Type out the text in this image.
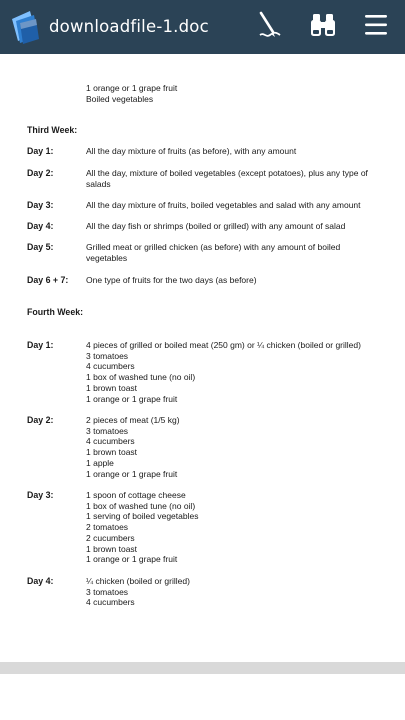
downloadfile-1.doc
1 orange or 1 grape fruit
Boiled vegetables
Third Week:
Day 1:	All the day mixture of fruits (as before), with any amount
Day 2:	All the day, mixture of boiled vegetables (except potatoes), plus any type of salads
Day 3:	All the day mixture of fruits, boiled vegetables and salad with any amount
Day 4:	All the day fish or shrimps (boiled or grilled) with any amount of salad
Day 5:	Grilled meat or grilled chicken (as before) with any amount of boiled vegetables
Day 6 + 7: One type of fruits for the two days (as before)
Fourth Week:
Day 1:	4 pieces of grilled or boiled meat (250 gm) or ¼ chicken (boiled or grilled)
3 tomatoes
4 cucumbers
1 box of washed tune (no oil)
1 brown toast
1 orange or 1 grape fruit
Day 2:	2 pieces of meat (1/5 kg)
3 tomatoes
4 cucumbers
1 brown toast
1 apple
1 orange or 1 grape fruit
Day 3:	1 spoon of cottage cheese
1 box of washed tune (no oil)
1 serving of boiled vegetables
2 tomatoes
2 cucumbers
1 brown toast
1 orange or 1 grape fruit
Day 4:	¼ chicken (boiled or grilled)
3 tomatoes
4 cucumbers
